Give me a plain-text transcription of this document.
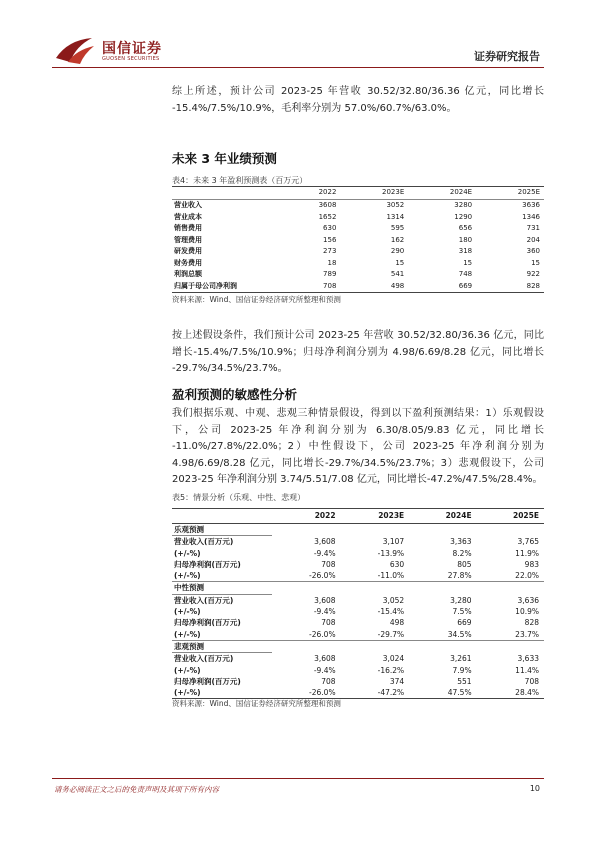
国信证券
GUOSEN SECURITIES	证券研究报告
综上所述，预计公司 2023-25 年营收 30.52/32.80/36.36 亿元，同比增长 -15.4%/7.5%/10.9%，毛利率分别为 57.0%/60.7%/63.0%。
未来 3 年业绩预测
表4：未来 3 年盈利预测表（百万元）
	2022	2023E	2024E	2025E
营业收入	3608	3052	3280	3636
营业成本	1652	1314	1290	1346
销售费用	630	595	656	731
管理费用	156	162	180	204
研发费用	273	290	318	360
财务费用	18	15	15	15
利润总额	789	541	748	922
归属于母公司净利润	708	498	669	828
资料来源：Wind、国信证券经济研究所整理和预测
按上述假设条件，我们预计公司 2023-25 年营收 30.52/32.80/36.36 亿元，同比增长-15.4%/7.5%/10.9%；归母净利润分别为 4.98/6.69/8.28 亿元，同比增长 -29.7%/34.5%/23.7%。
盈利预测的敏感性分析
我们根据乐观、中观、悲观三种情景假设，得到以下盈利预测结果：1）乐观假设下，公司 2023-25 年净利润分别为 6.30/8.05/9.83 亿元，同比增长 -11.0%/27.8%/22.0%；2）中性假设下，公司 2023-25 年净利润分别为 4.98/6.69/8.28 亿元，同比增长-29.7%/34.5%/23.7%；3）悲观假设下，公司 2023-25 年净利润分别 3.74/5.51/7.08 亿元，同比增长-47.2%/47.5%/28.4%。
表5：情景分析（乐观、中性、悲观）
	2022	2023E	2024E	2025E
乐观预测				
营业收入(百万元)	3,608	3,107	3,363	3,765
(+/-%)	-9.4%	-13.9%	8.2%	11.9%
归母净利润(百万元)	708	630	805	983
(+/-%)	-26.0%	-11.0%	27.8%	22.0%
中性预测				
营业收入(百万元)	3,608	3,052	3,280	3,636
(+/-%)	-9.4%	-15.4%	7.5%	10.9%
归母净利润(百万元)	708	498	669	828
(+/-%)	-26.0%	-29.7%	34.5%	23.7%
悲观预测				
营业收入(百万元)	3,608	3,024	3,261	3,633
(+/-%)	-9.4%	-16.2%	7.9%	11.4%
归母净利润(百万元)	708	374	551	708
(+/-%)	-26.0%	-47.2%	47.5%	28.4%
资料来源：Wind、国信证券经济研究所整理和预测
请务必阅读正文之后的免责声明及其项下所有内容	10
